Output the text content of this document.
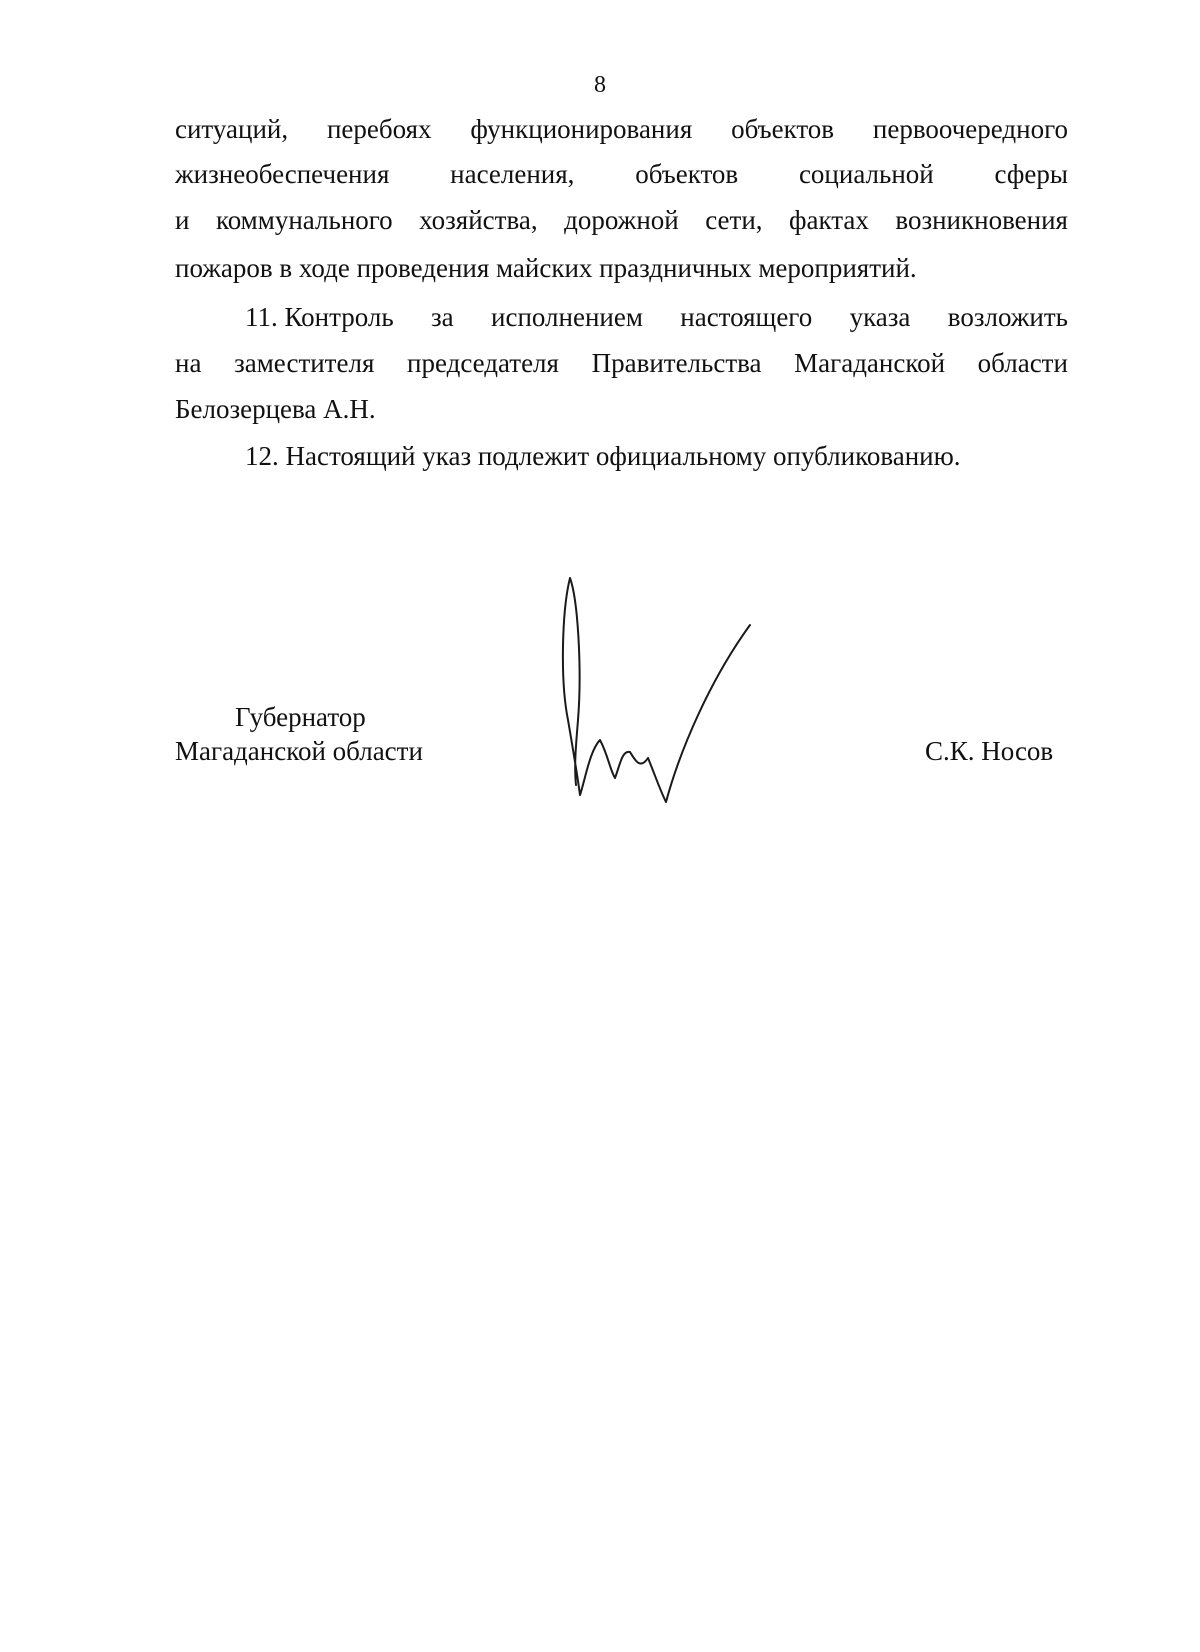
8
ситуаций, перебоях функционирования объектов первоочередного
жизнеобеспечения населения, объектов социальной сферы
и коммунального хозяйства, дорожной сети, фактах возникновения
пожаров в ходе проведения майских праздничных мероприятий.
11. Контроль за исполнением настоящего указа возложить
на заместителя председателя Правительства Магаданской области
Белозерцева А.Н.
12. Настоящий указ подлежит официальному опубликованию.
Губернатор
Магаданской области	С.К. Носов
